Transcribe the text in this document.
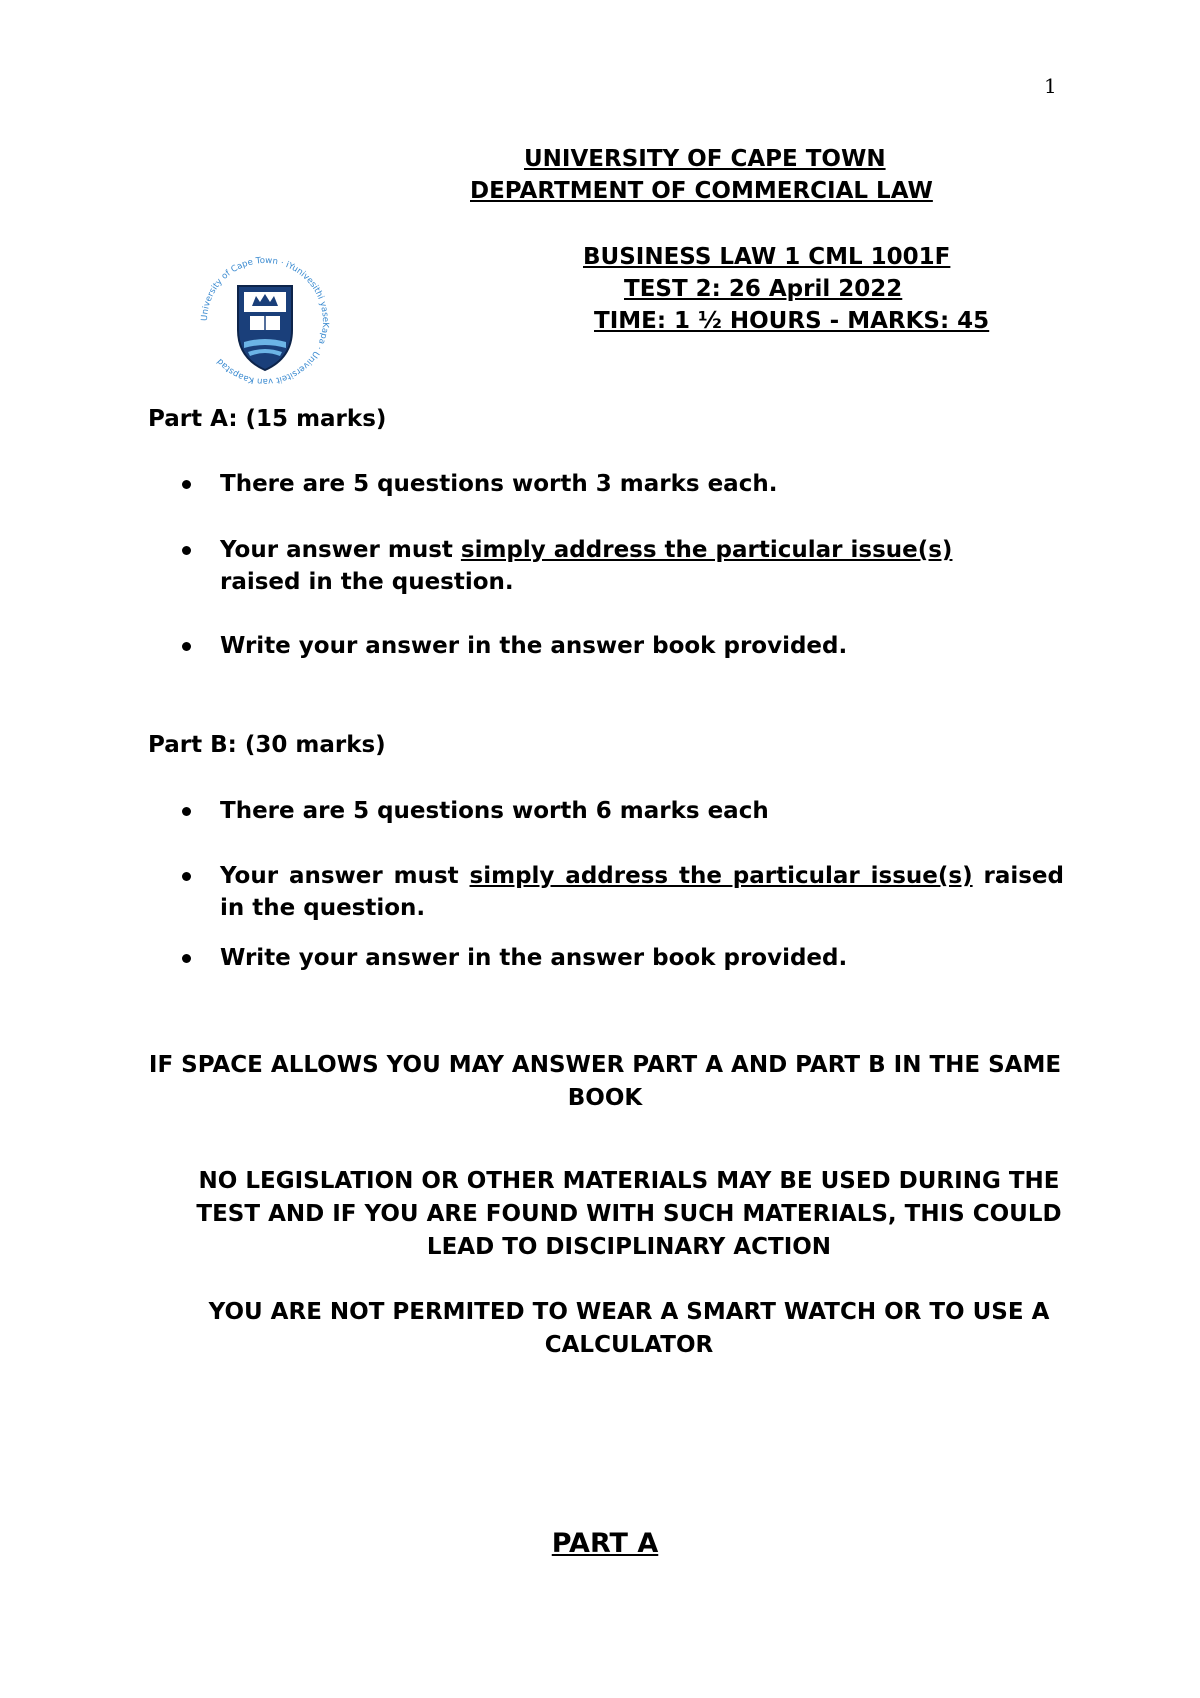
1
UNIVERSITY OF CAPE TOWN
DEPARTMENT OF COMMERCIAL LAW
BUSINESS LAW 1 CML 1001F
TEST 2: 26 April 2022
TIME: 1 ½ HOURS - MARKS: 45
University of Cape Town · iYunivesithi yaseKapa · Universiteit van Kaapstad
Part A: (15 marks)
There are 5 questions worth 3 marks each.
Your answer must simply address the particular issue(s)
raised in the question.
Write your answer in the answer book provided.
Part B: (30 marks)
There are 5 questions worth 6 marks each
Your answer must simply address the particular issue(s) raised in the question.
Write your answer in the answer book provided.
IF SPACE ALLOWS YOU MAY ANSWER PART A AND PART B IN THE SAME BOOK
NO LEGISLATION OR OTHER MATERIALS MAY BE USED DURING THE TEST AND IF YOU ARE FOUND WITH SUCH MATERIALS, THIS COULD LEAD TO DISCIPLINARY ACTION
YOU ARE NOT PERMITED TO WEAR A SMART WATCH OR TO USE A CALCULATOR
PART A
